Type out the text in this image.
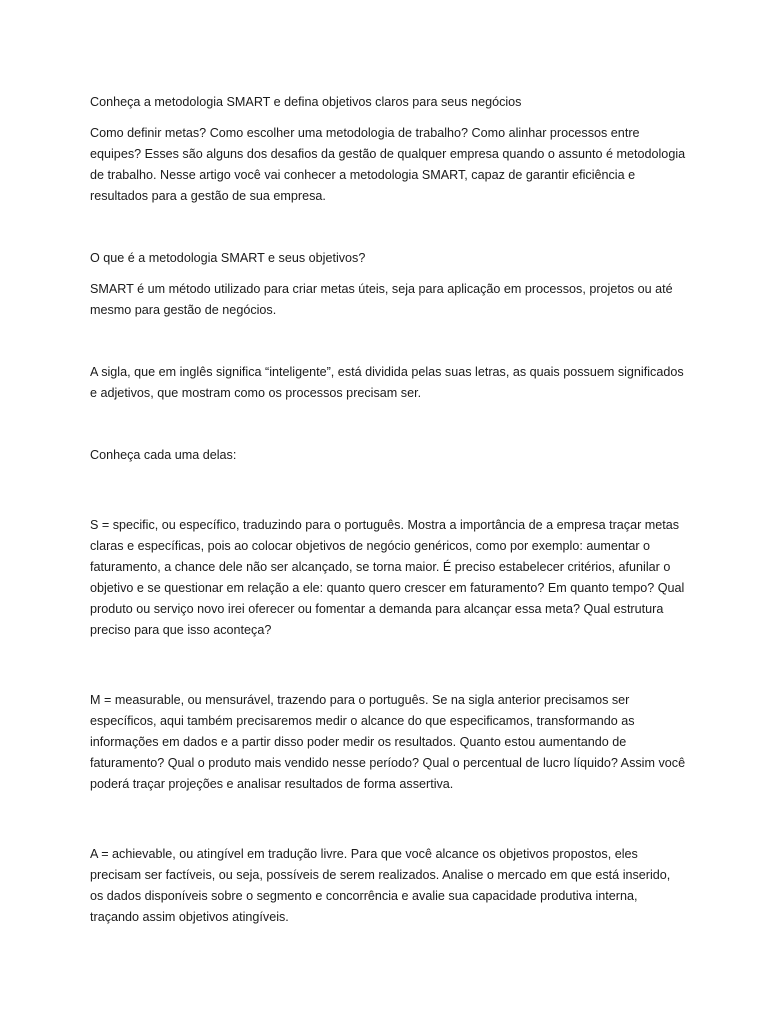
Conheça a metodologia SMART e defina objetivos claros para seus negócios

Como definir metas? Como escolher uma metodologia de trabalho? Como alinhar processos entre equipes? Esses são alguns dos desafios da gestão de qualquer empresa quando o assunto é metodologia de trabalho. Nesse artigo você vai conhecer a metodologia SMART, capaz de garantir eficiência e resultados para a gestão de sua empresa.

O que é a metodologia SMART e seus objetivos?

SMART é um método utilizado para criar metas úteis, seja para aplicação em processos, projetos ou até mesmo para gestão de negócios.

A sigla, que em inglês significa “inteligente”, está dividida pelas suas letras, as quais possuem significados e adjetivos, que mostram como os processos precisam ser.

Conheça cada uma delas:

S = specific, ou específico, traduzindo para o português. Mostra a importância de a empresa traçar metas claras e específicas, pois ao colocar objetivos de negócio genéricos, como por exemplo: aumentar o faturamento, a chance dele não ser alcançado, se torna maior. É preciso estabelecer critérios, afunilar o objetivo e se questionar em relação a ele: quanto quero crescer em faturamento? Em quanto tempo? Qual produto ou serviço novo irei oferecer ou fomentar a demanda para alcançar essa meta? Qual estrutura preciso para que isso aconteça?

M = measurable, ou mensurável, trazendo para o português. Se na sigla anterior precisamos ser específicos, aqui também precisaremos medir o alcance do que especificamos, transformando as informações em dados e a partir disso poder medir os resultados. Quanto estou aumentando de faturamento? Qual o produto mais vendido nesse período? Qual o percentual de lucro líquido? Assim você poderá traçar projeções e analisar resultados de forma assertiva.

A = achievable, ou atingível em tradução livre. Para que você alcance os objetivos propostos, eles precisam ser factíveis, ou seja, possíveis de serem realizados. Analise o mercado em que está inserido, os dados disponíveis sobre o segmento e concorrência e avalie sua capacidade produtiva interna, traçando assim objetivos atingíveis.
